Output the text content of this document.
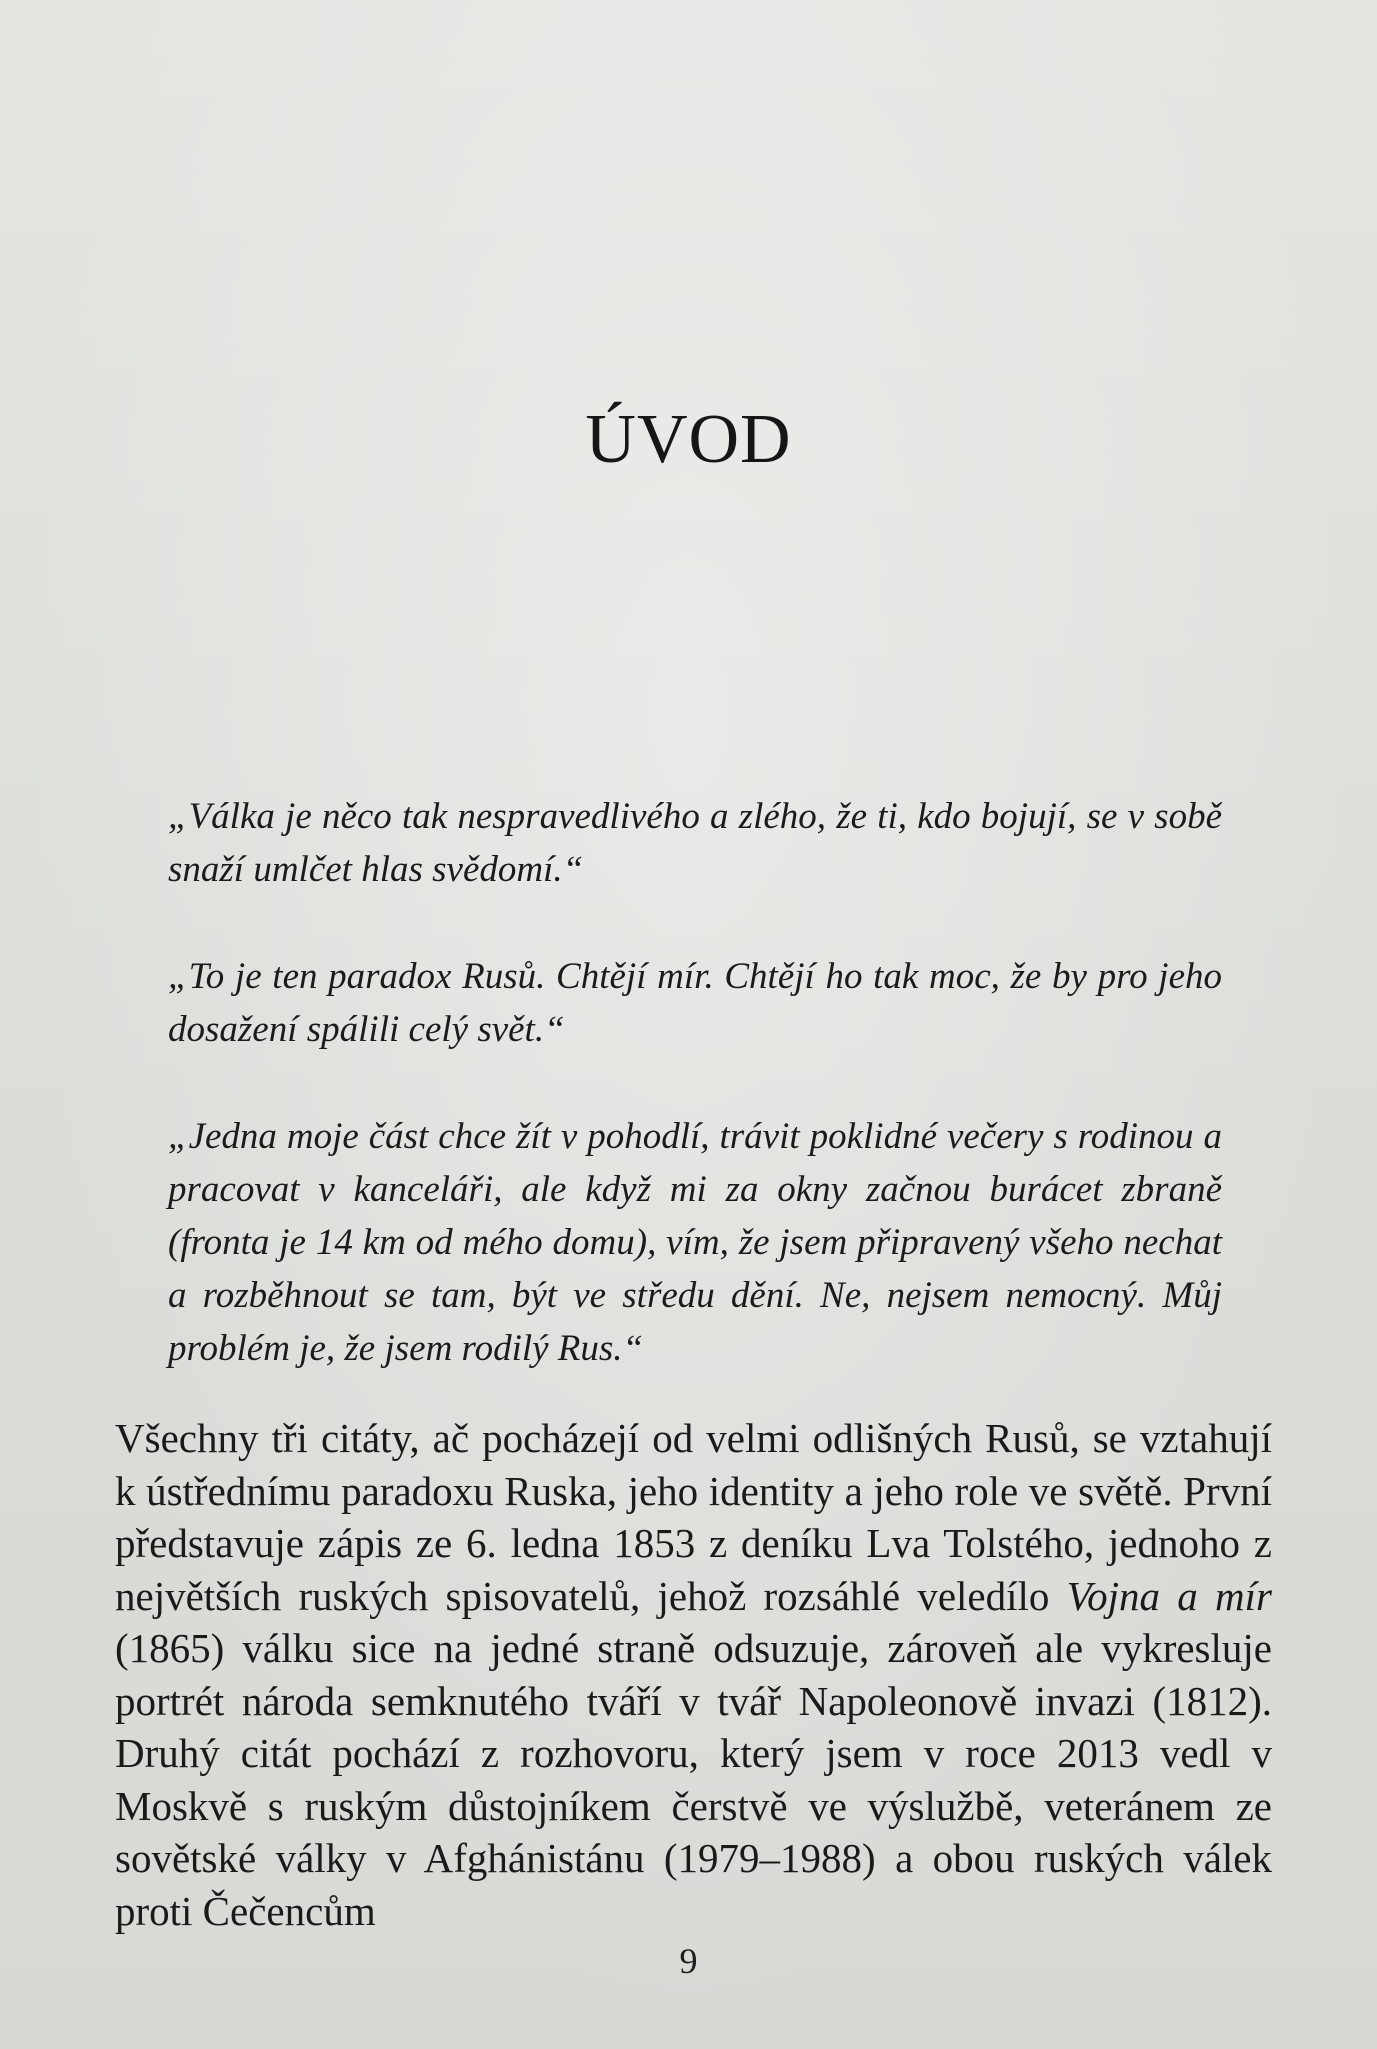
ÚVOD

„Válka je něco tak nespravedlivého a zlého, že ti, kdo bojují, se v sobě snaží umlčet hlas svědomí.“

„To je ten paradox Rusů. Chtějí mír. Chtějí ho tak moc, že by pro jeho dosažení spálili celý svět.“

„Jedna moje část chce žít v pohodlí, trávit poklidné večery s rodinou a pracovat v kanceláři, ale když mi za okny začnou burácet zbraně (fronta je 14 km od mého domu), vím, že jsem připravený všeho nechat a rozběhnout se tam, být ve středu dění. Ne, nejsem nemocný. Můj problém je, že jsem rodilý Rus.“

Všechny tři citáty, ač pocházejí od velmi odlišných Rusů, se vztahují k ústřednímu paradoxu Ruska, jeho identity a jeho role ve světě. První představuje zápis ze 6. ledna 1853 z deníku Lva Tolstého, jednoho z největších ruských spisovatelů, jehož rozsáhlé veledílo Vojna a mír (1865) válku sice na jedné straně odsuzuje, zároveň ale vykresluje portrét národa semknutého tváří v tvář Napoleonově invazi (1812). Druhý citát pochází z rozhovoru, který jsem v roce 2013 vedl v Moskvě s ruským důstojníkem čerstvě ve výslužbě, veteránem ze sovětské války v Afghánistánu (1979–1988) a obou ruských válek proti Čečencům

9
